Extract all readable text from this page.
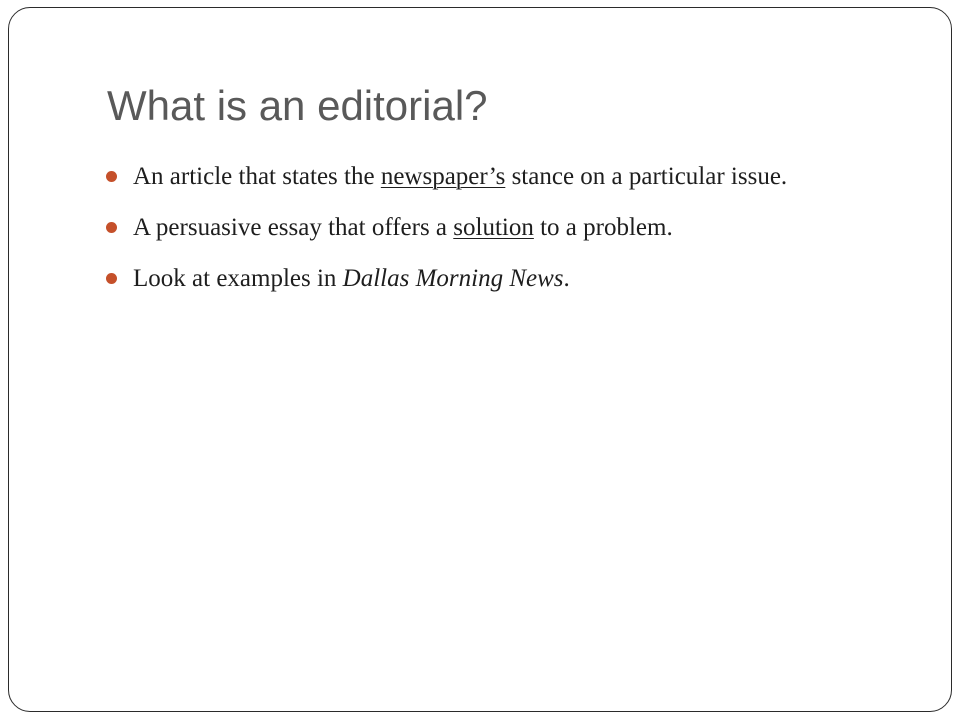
What is an editorial?
An article that states the newspaper’s stance on a particular issue.
A persuasive essay that offers a solution to a problem.
Look at examples in Dallas Morning News.
